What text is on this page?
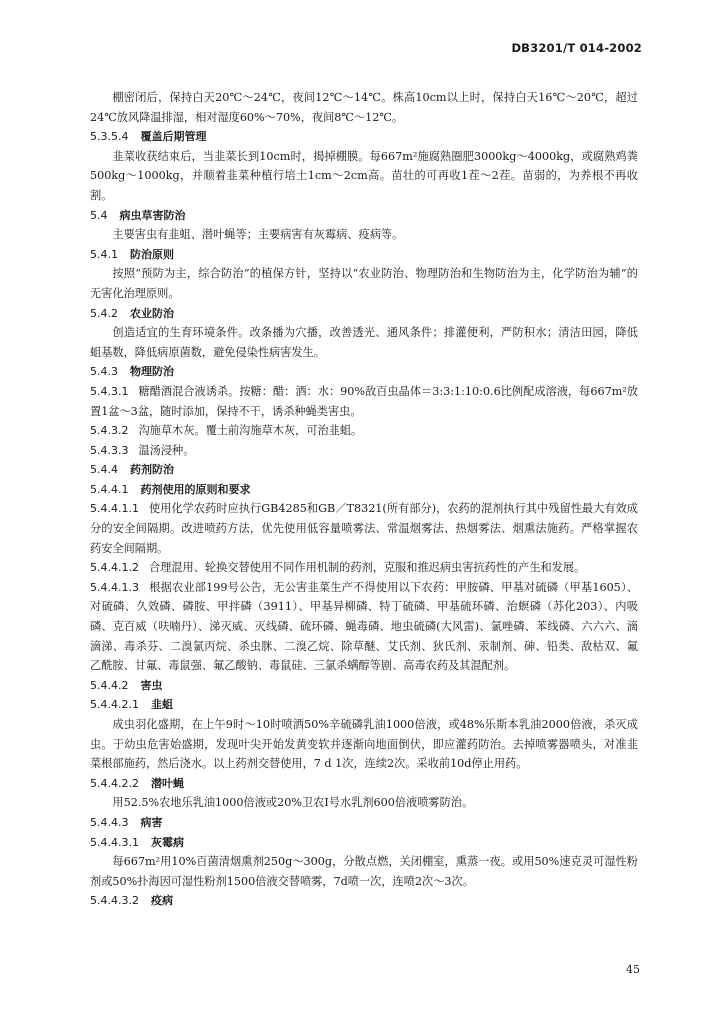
DB3201/T 014-2002

棚密闭后，保持白天20℃～24℃，夜间12℃～14℃。株高10cm以上时，保持白天16℃～20℃，超过24℃放风降温排湿，相对湿度60%～70%，夜间8℃～12℃。

5.3.5.4 覆盖后期管理

韭菜收获结束后，当韭菜长到10cm时，揭掉棚膜。每667m²施腐熟圈肥3000kg～4000kg，或腐熟鸡粪500kg～1000kg，并顺着韭菜种植行培土1cm～2cm高。苗壮的可再收1茬～2茬。苗弱的，为养根不再收割。

5.4 病虫草害防治

主要害虫有韭蛆、潜叶蝇等；主要病害有灰霉病、疫病等。

5.4.1 防治原则

按照“预防为主，综合防治”的植保方针，坚持以“农业防治、物理防治和生物防治为主，化学防治为辅”的无害化治理原则。

5.4.2 农业防治

创造适宜的生育环境条件。改条播为穴播，改善透光、通风条件；排灌便利，严防积水；清洁田园，降低蛆基数，降低病原菌数，避免侵染性病害发生。

5.4.3 物理防治

5.4.3.1 糖醋酒混合液诱杀。按糖：醋：酒：水：90%敌百虫晶体＝3:3:1:10:0.6比例配成溶液，每667m²放置1盆～3盆，随时添加，保持不干，诱杀种蝇类害虫。

5.4.3.2 沟施草木灰。覆土前沟施草木灰，可治韭蛆。

5.4.3.3 温汤浸种。

5.4.4 药剂防治
5.4.4.1 药剂使用的原则和要求

5.4.4.1.1 使用化学农药时应执行GB4285和GB／T8321(所有部分)，农药的混剂执行其中残留性最大有效成分的安全间隔期。改进喷药方法，优先使用低容量喷雾法、常温烟雾法、热烟雾法、烟熏法施药。严格掌握农药安全间隔期。

5.4.4.1.2 合理混用、轮换交替使用不同作用机制的药剂，克服和推迟病虫害抗药性的产生和发展。

5.4.4.1.3 根据农业部199号公告，无公害韭菜生产不得使用以下农药：甲胺磷、甲基对硫磷（甲基1605）、对硫磷、久效磷、磷胺、甲拌磷（3911）、甲基异柳磷、特丁硫磷、甲基硫环磷、治螟磷（苏化203）、内吸磷、克百威（呋喃丹）、涕灭威、灭线磷、硫环磷、蝇毒磷、地虫硫磷(大风雷)、氯唑磷、苯线磷、六六六、滴滴涕、毒杀芬、二溴氯丙烷、杀虫脒、二溴乙烷、除草醚、艾氏剂、狄氏剂、汞制剂、砷、铅类、敌枯双、氟乙酰胺、甘氟、毒鼠强、氟乙酸钠、毒鼠硅、三氯杀螨醇等剧、高毒农药及其混配剂。

5.4.4.2 害虫
5.4.4.2.1 韭蛆

成虫羽化盛期，在上午9时～10时喷洒50%辛硫磷乳油1000倍液，或48%乐斯本乳油2000倍液，杀灭成虫。于幼虫危害始盛期，发现叶尖开始发黄变软并逐渐向地面倒伏，即应灌药防治。去掉喷雾器喷头，对准韭菜根部施药，然后浇水。以上药剂交替使用，7 d 1次，连续2次。采收前10d停止用药。

5.4.4.2.2 潜叶蝇

用52.5%农地乐乳油1000倍液或20%卫农Ⅰ号水乳剂600倍液喷雾防治。

5.4.4.3 病害
5.4.4.3.1 灰霉病

每667m²用10%百菌清烟熏剂250g～300g，分散点燃，关闭棚室，熏蒸一夜。或用50%速克灵可湿性粉剂或50%扑海因可湿性粉剂1500倍液交替喷雾，7d喷一次，连喷2次～3次。

5.4.4.3.2 疫病
45
